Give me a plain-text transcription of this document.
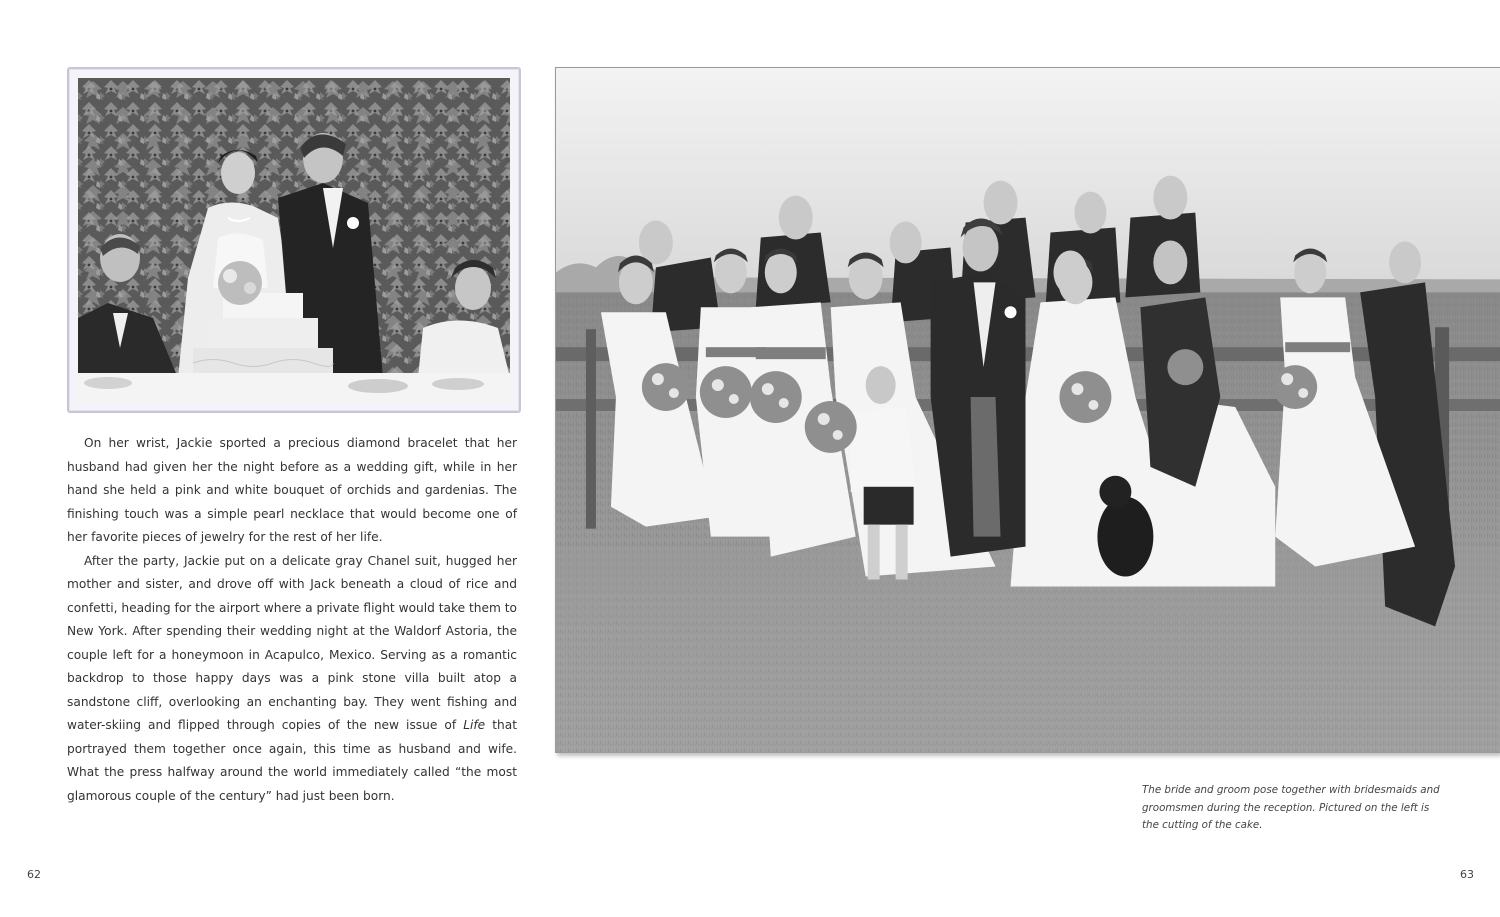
On her wrist, Jackie sported a precious diamond bracelet that her husband had given her the night before as a wedding gift, while in her hand she held a pink and white bouquet of orchids and gardenias. The finishing touch was a simple pearl necklace that would become one of her favorite pieces of jewelry for the rest of her life.

After the party, Jackie put on a delicate gray Chanel suit, hugged her mother and sister, and drove off with Jack beneath a cloud of rice and confetti, heading for the airport where a private flight would take them to New York. After spending their wedding night at the Waldorf Astoria, the couple left for a honeymoon in Acapulco, Mexico. Serving as a romantic backdrop to those happy days was a pink stone villa built atop a sandstone cliff, overlooking an enchanting bay. They went fishing and water-skiing and flipped through copies of the new issue of Life that portrayed them together once again, this time as husband and wife. What the press halfway around the world immediately called “the most glamorous couple of the century” had just been born.	The bride and groom pose together with bridesmaids and groomsmen during the reception. Pictured on the left is the cutting of the cake.
62	63
